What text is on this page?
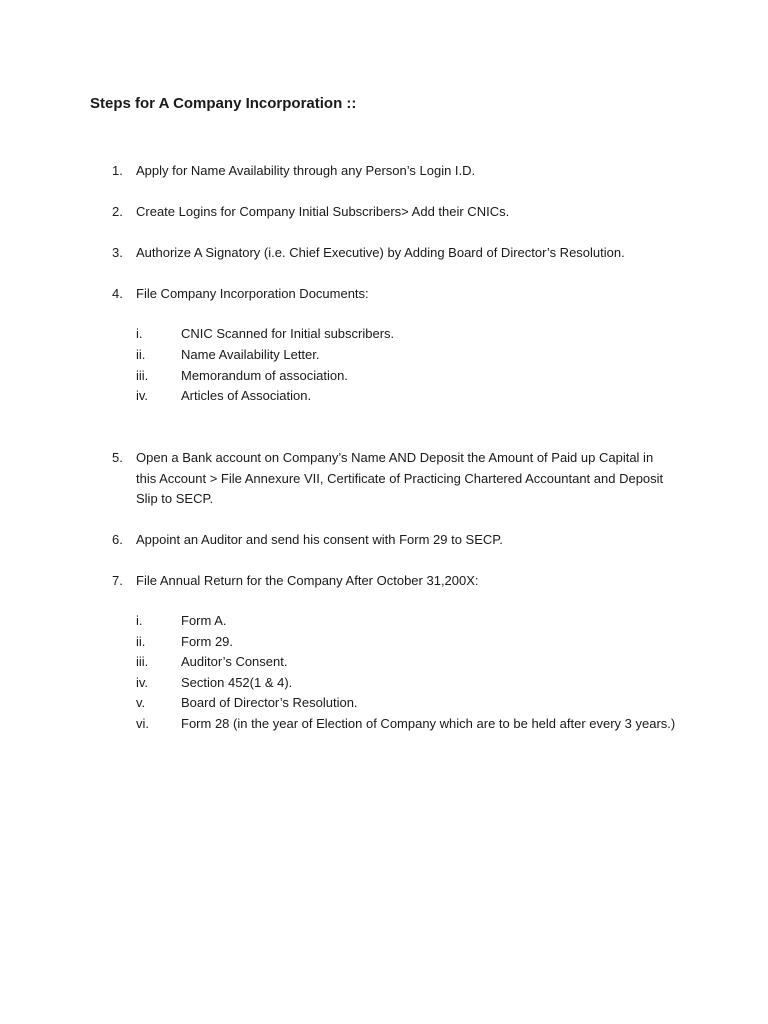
Steps for A Company Incorporation ::
1. Apply for Name Availability through any Person’s Login I.D.
2. Create Logins for Company Initial Subscribers> Add their CNICs.
3. Authorize A Signatory (i.e. Chief Executive) by Adding Board of Director’s Resolution.
4. File Company Incorporation Documents:
i.	CNIC Scanned for Initial subscribers.
ii.	Name Availability Letter.
iii.	Memorandum of association.
iv.	Articles of Association.
5. Open a Bank account on Company’s Name AND Deposit the Amount of Paid up Capital in this Account > File Annexure VII, Certificate of Practicing Chartered Accountant and Deposit Slip to SECP.
6. Appoint an Auditor and send his consent with Form 29 to SECP.
7. File Annual Return for the Company After October 31,200X:
i.	Form A.
ii.	Form 29.
iii.	Auditor’s Consent.
iv.	Section 452(1 & 4).
v.	Board of Director’s Resolution.
vi. Form 28 (in the year of Election of Company which are to be held after every 3 years.)
